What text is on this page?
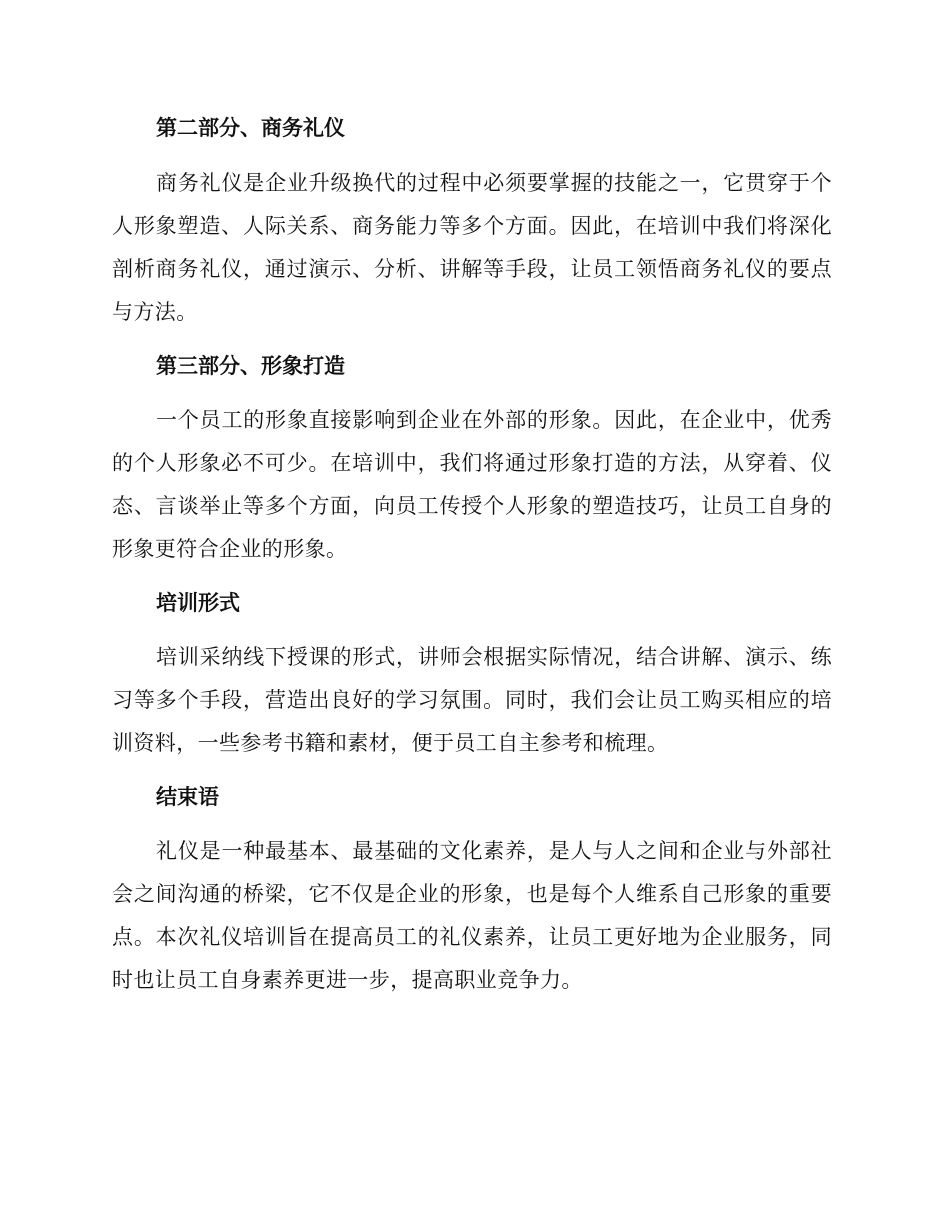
第二部分、商务礼仪

商务礼仪是企业升级换代的过程中必须要掌握的技能之一，它贯穿于个人形象塑造、人际关系、商务能力等多个方面。因此，在培训中我们将深化剖析商务礼仪，通过演示、分析、讲解等手段，让员工领悟商务礼仪的要点与方法。

第三部分、形象打造

一个员工的形象直接影响到企业在外部的形象。因此，在企业中，优秀的个人形象必不可少。在培训中，我们将通过形象打造的方法，从穿着、仪态、言谈举止等多个方面，向员工传授个人形象的塑造技巧，让员工自身的形象更符合企业的形象。

培训形式

培训采纳线下授课的形式，讲师会根据实际情况，结合讲解、演示、练习等多个手段，营造出良好的学习氛围。同时，我们会让员工购买相应的培训资料，一些参考书籍和素材，便于员工自主参考和梳理。

结束语

礼仪是一种最基本、最基础的文化素养，是人与人之间和企业与外部社会之间沟通的桥梁，它不仅是企业的形象，也是每个人维系自己形象的重要点。本次礼仪培训旨在提高员工的礼仪素养，让员工更好地为企业服务，同时也让员工自身素养更进一步，提高职业竞争力。
